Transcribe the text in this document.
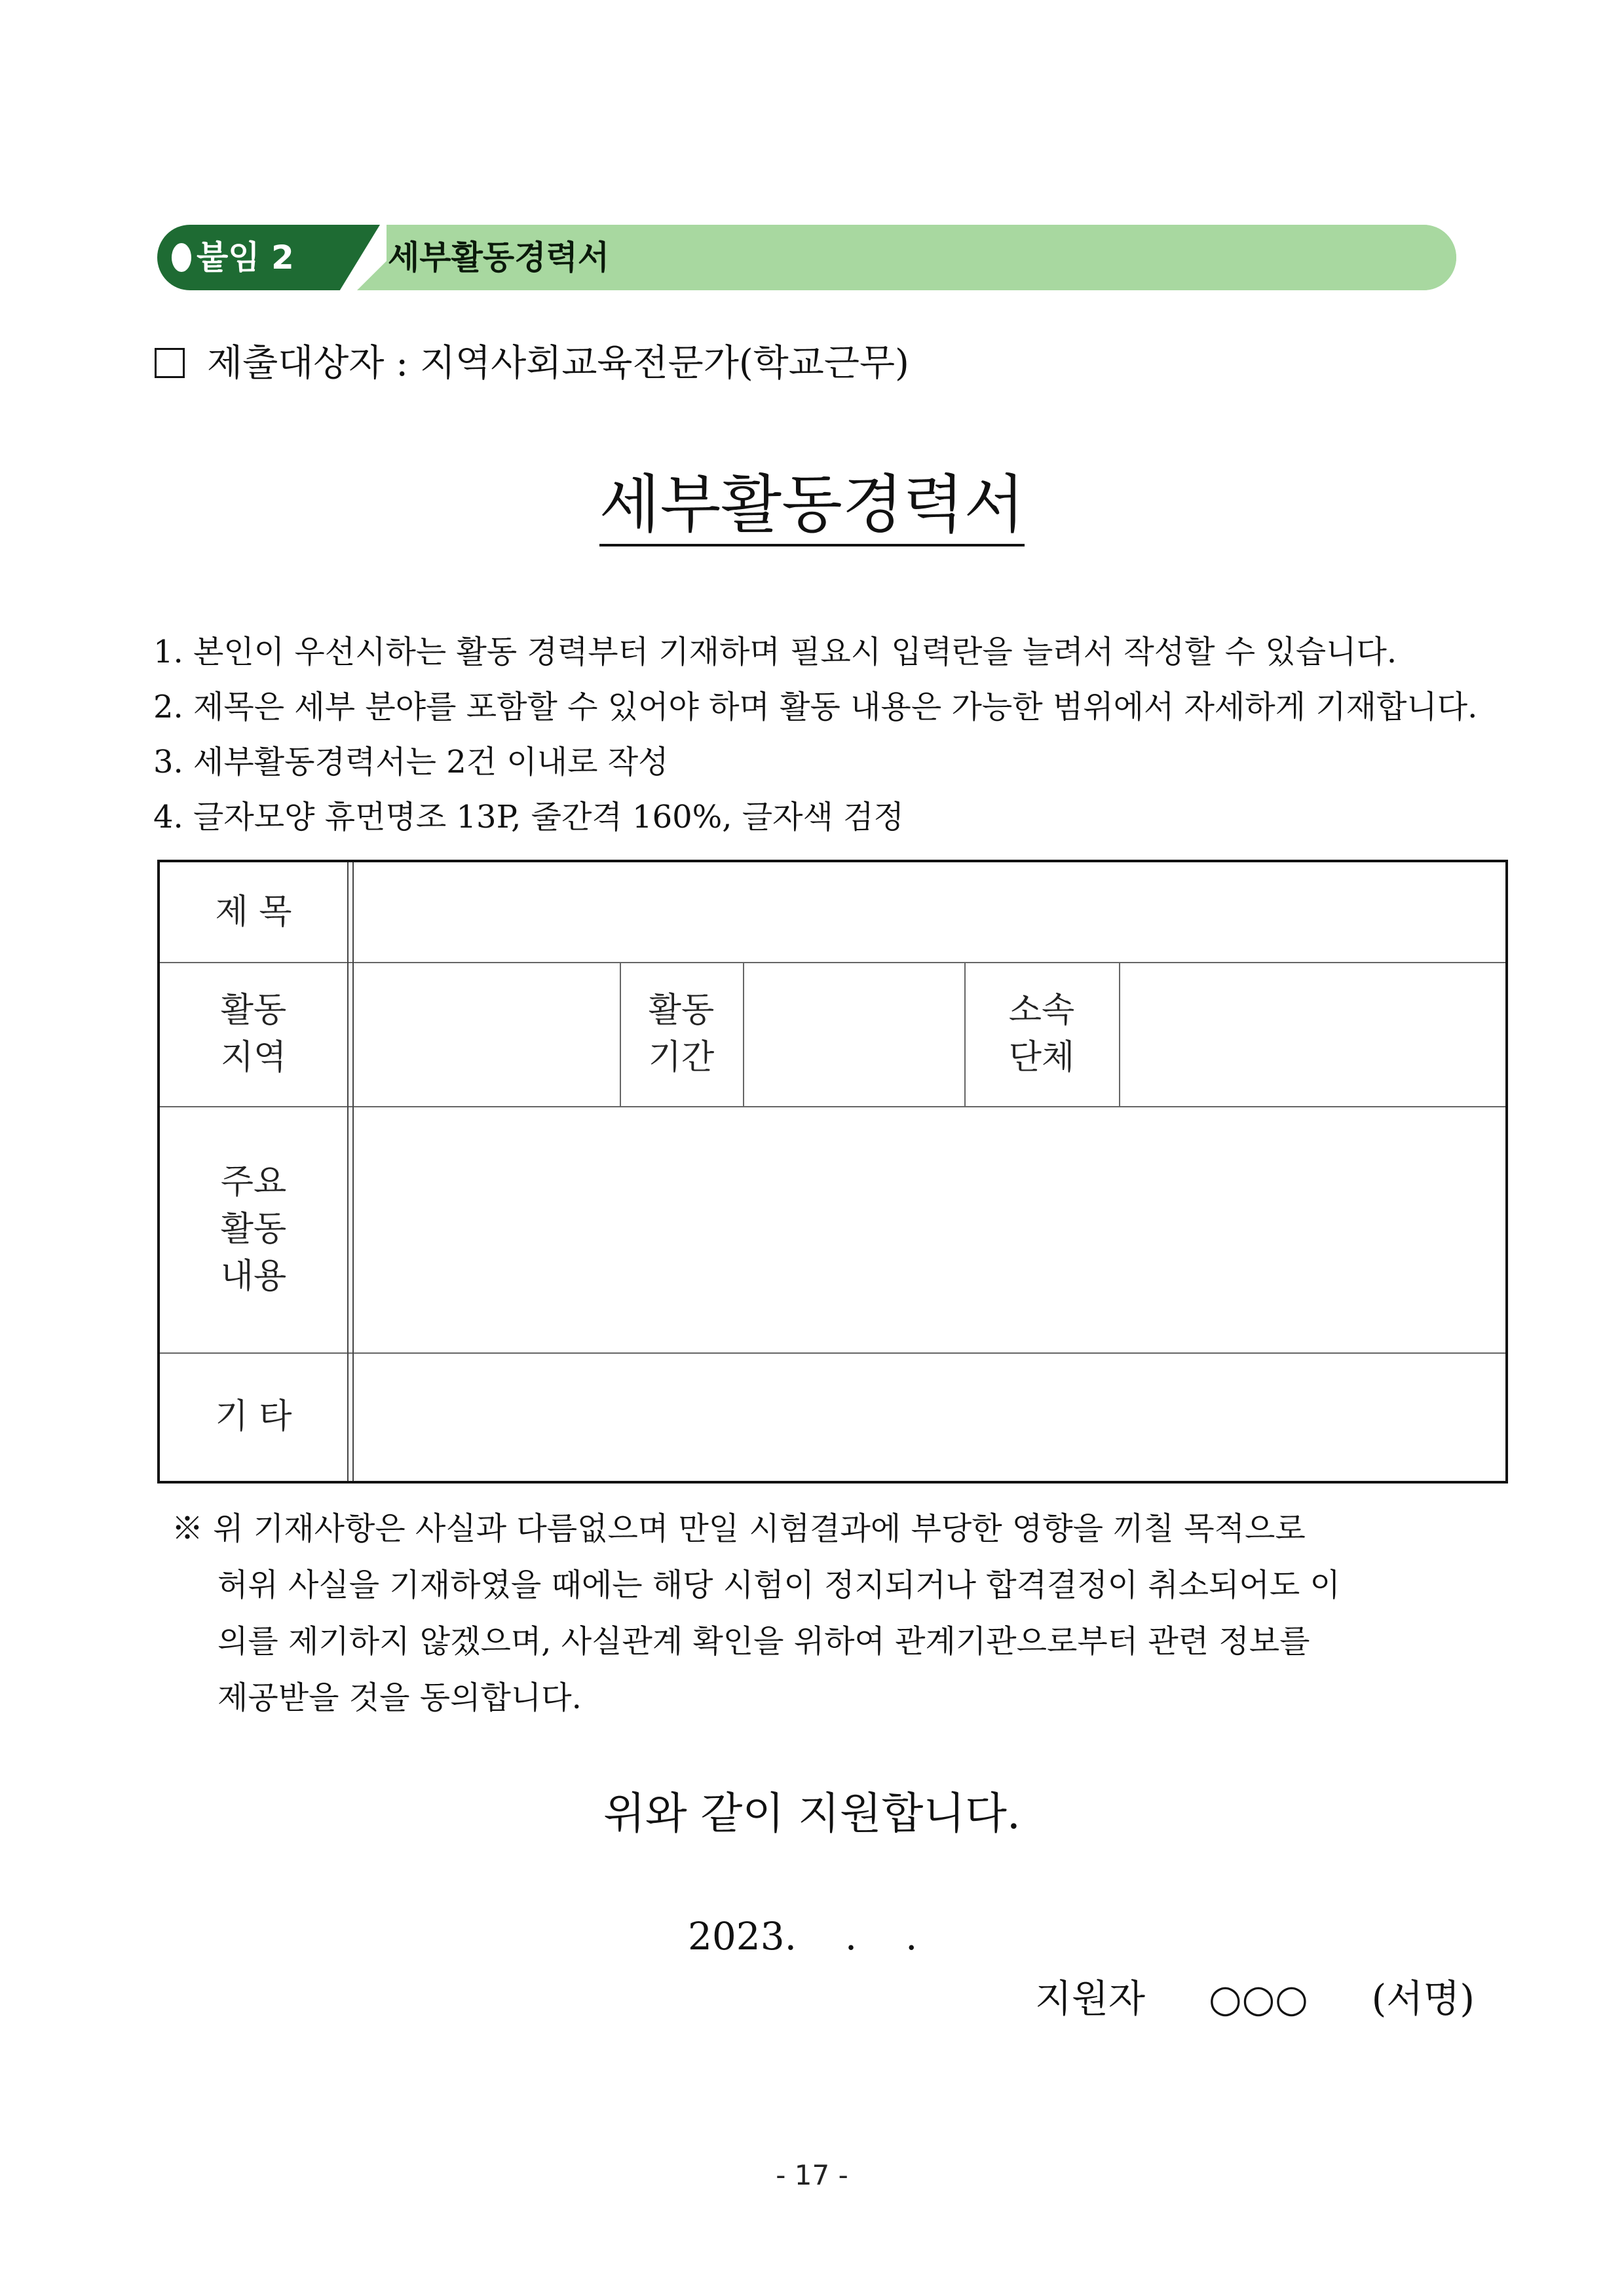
붙임 2	세부활동경력서
제출대상자 : 지역사회교육전문가(학교근무)
세부활동경력서
1. 본인이 우선시하는 활동 경력부터 기재하며 필요시 입력란을 늘려서 작성할 수 있습니다.
2. 제목은 세부 분야를 포함할 수 있어야 하며 활동 내용은 가능한 범위에서 자세하게 기재합니다.
3. 세부활동경력서는 2건 이내로 작성
4. 글자모양 휴먼명조 13P, 줄간격 160%, 글자색 검정
제 목
활동
지역
활동
기간
소속
단체
주요
활동
내용
기 타
※ 위 기재사항은 사실과 다름없으며 만일 시험결과에 부당한 영향을 끼칠 목적으로
허위 사실을 기재하였을 때에는 해당 시험이 정지되거나 합격결정이 취소되어도 이
의를 제기하지 않겠으며, 사실관계 확인을 위하여 관계기관으로부터 관련 정보를
제공받을 것을 동의합니다.
위와 같이 지원합니다.
2023.    .    .
지원자 ○○○ (서명)
- 17 -
